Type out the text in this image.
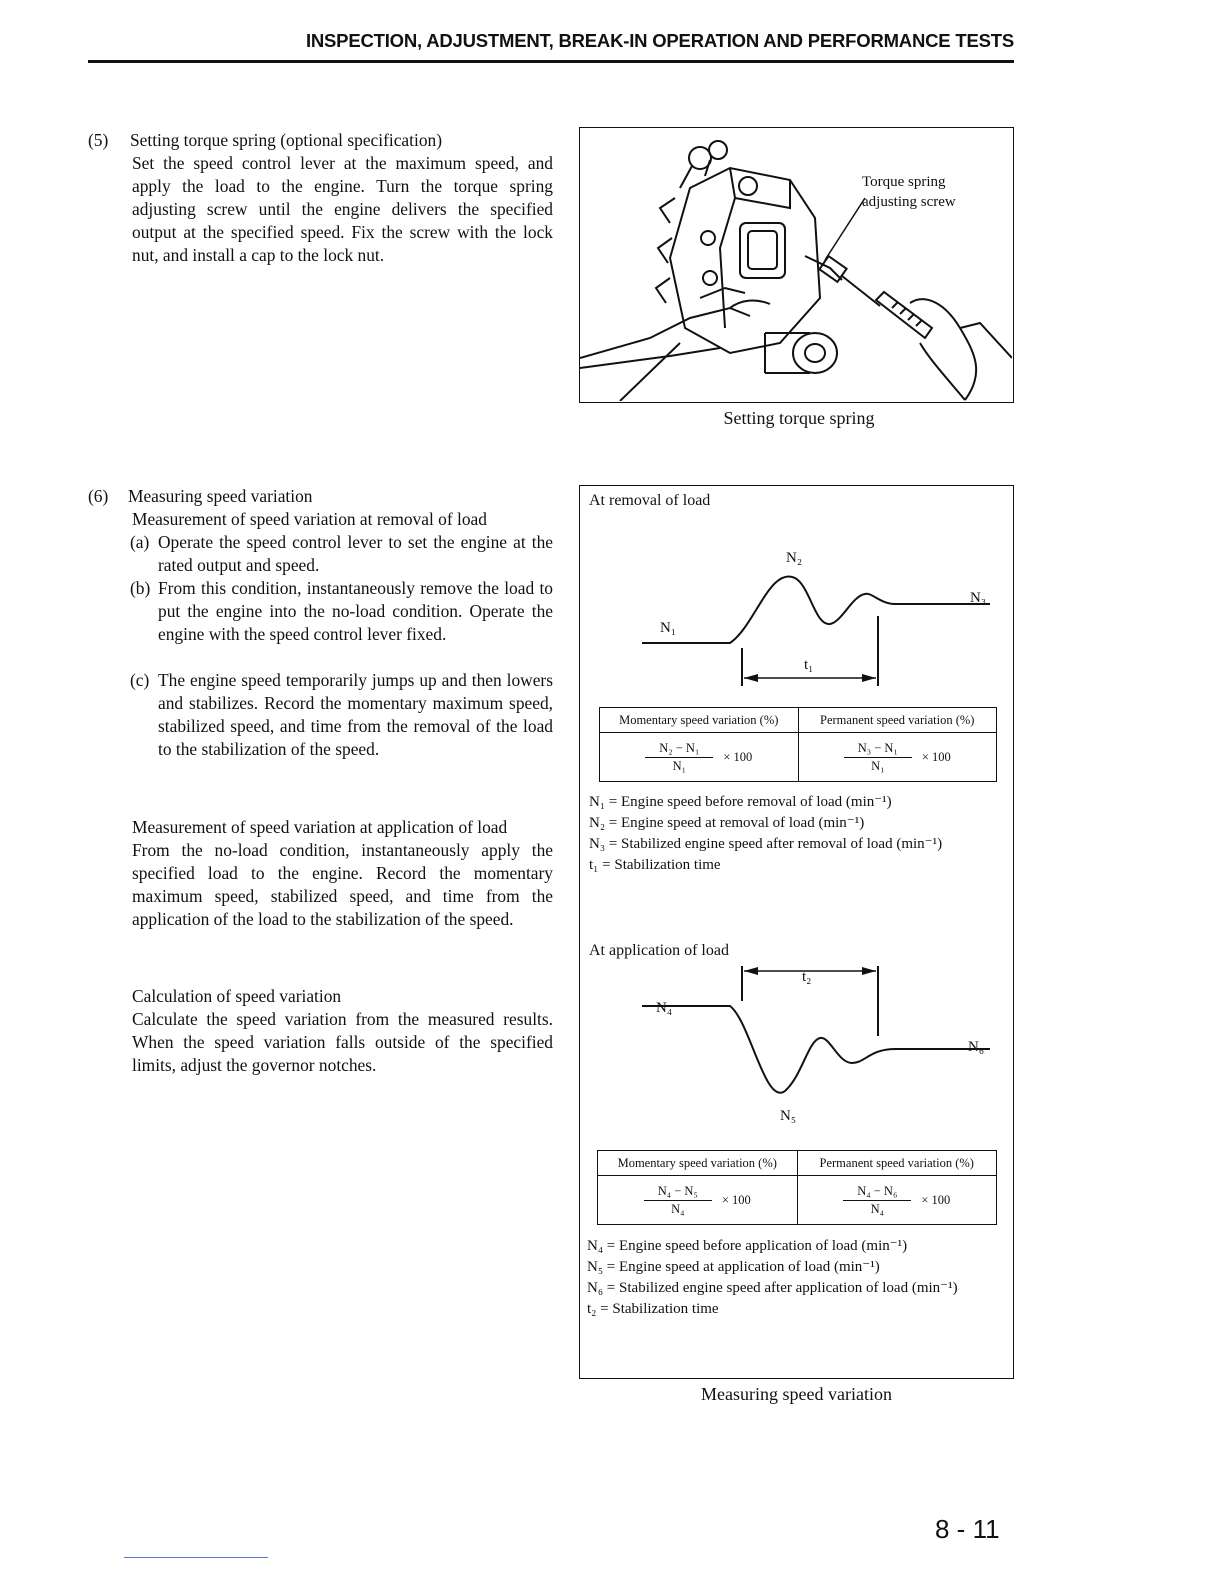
INSPECTION, ADJUSTMENT, BREAK-IN OPERATION AND PERFORMANCE TESTS
(5) Setting torque spring (optional specification)
Set the speed control lever at the maximum speed, and apply the load to the engine. Turn the torque spring adjusting screw until the engine delivers the specified output at the specified speed. Fix the screw with the lock nut, and install a cap to the lock nut.
Torque spring
adjusting screw
Setting torque spring
(6) Measuring speed variation
Measurement of speed variation at removal of load
(a) Operate the speed control lever to set the engine at the rated output and speed.
(b) From this condition, instantaneously remove the load to put the engine into the no-load condition. Operate the engine with the speed control lever fixed.
(c) The engine speed temporarily jumps up and then lowers and stabilizes. Record the momentary maximum speed, stabilized speed, and time from the removal of the load to the stabilization of the speed.
Measurement of speed variation at application of load
From the no-load condition, instantaneously apply the specified load to the engine. Record the momentary maximum speed, stabilized speed, and time from the application of the load to the stabilization of the speed.
Calculation of speed variation
Calculate the speed variation from the measured results. When the speed variation falls outside of the specified limits, adjust the governor notches.
At removal of load
N₂
N₃
N₁
t₁
Momentary speed variation (%)	Permanent speed variation (%)

$\frac{\text{N₂ − N₁}}{\text{N₁}} \times 100$	$\frac{\text{N₃ − N₁}}{\text{N₁}} \times 100$
N₁ = Engine speed before removal of load (min⁻¹)
N₂ = Engine speed at removal of load (min⁻¹)
N₃ = Stabilized engine speed after removal of load (min⁻¹)
t₁ = Stabilization time
At application of load
t₂
N₄
N₆
N₅
Momentary speed variation (%)	Permanent speed variation (%)

$\frac{\text{N₄ − N₅}}{\text{N₄}} \times 100$	$\frac{\text{N₄ − N₆}}{\text{N₄}} \times 100$
N₄ = Engine speed before application of load (min⁻¹)
N₅ = Engine speed at application of load (min⁻¹)
N₆ = Stabilized engine speed after application of load (min⁻¹)
t₂ = Stabilization time
Measuring speed variation
8 - 11
